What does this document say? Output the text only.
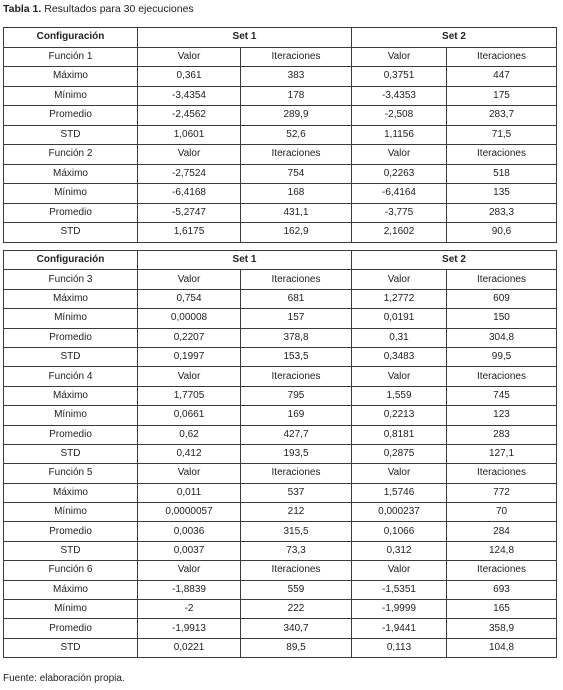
Tabla 1. Resultados para 30 ejecuciones
Configuración	Set 1		Set 2	
Función 1	Valor	Iteraciones	Valor	Iteraciones
Máximo	0,361	383	0,3751	447
Mínimo	-3,4354	178	-3,4353	175
Promedio	-2,4562	289,9	-2,508	283,7
STD	1,0601	52,6	1,1156	71,5
Función 2	Valor	Iteraciones	Valor	Iteraciones
Máximo	-2,7524	754	0,2263	518
Mínimo	-6,4168	168	-6,4164	135
Promedio	-5,2747	431,1	-3,775	283,3
STD	1,6175	162,9	2,1602	90,6
Configuración	Set 1		Set 2	
Función 3	Valor	Iteraciones	Valor	Iteraciones
Máximo	0,754	681	1,2772	609
Mínimo	0,00008	157	0,0191	150
Promedio	0,2207	378,8	0,31	304,8
STD	0,1997	153,5	0,3483	99,5
Función 4	Valor	Iteraciones	Valor	Iteraciones
Máximo	1,7705	795	1,559	745
Mínimo	0,0661	169	0,2213	123
Promedio	0,62	427,7	0,8181	283
STD	0,412	193,5	0,2875	127,1
Función 5	Valor	Iteraciones	Valor	Iteraciones
Máximo	0,011	537	1,5746	772
Mínimo	0,0000057	212	0,000237	70
Promedio	0,0036	315,5	0,1066	284
STD	0,0037	73,3	0,312	124,8
Función 6	Valor	Iteraciones	Valor	Iteraciones
Máximo	-1,8839	559	-1,5351	693
Mínimo	-2	222	-1,9999	165
Promedio	-1,9913	340,7	-1,9441	358,9
STD	0,0221	89,5	0,113	104,8
Fuente: elaboración propia.
